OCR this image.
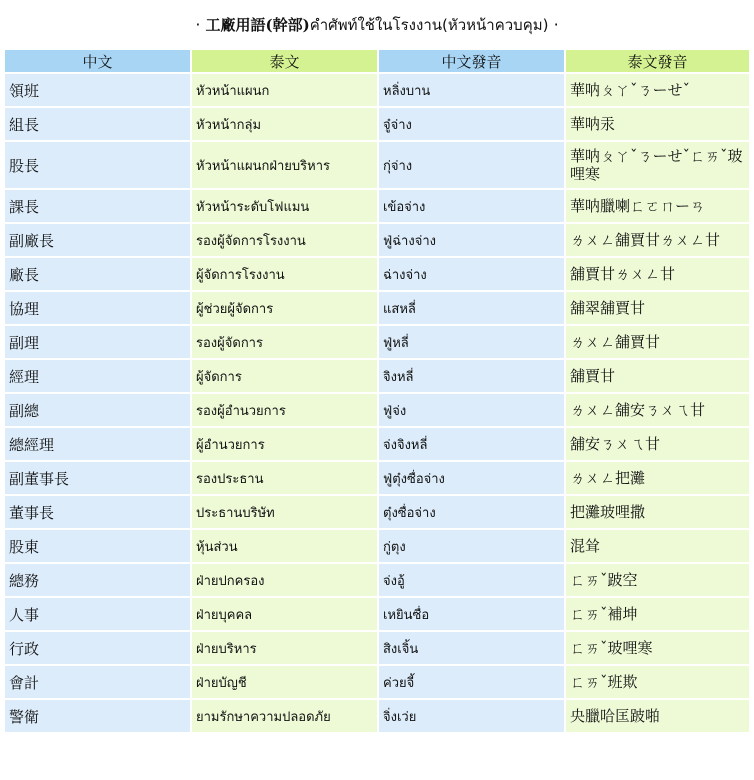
· 工廠用語(幹部)คำศัพท์ใช้ในโรงงาน(หัวหน้าควบคุม) ·
中文	泰文	中文發音	泰文發音
領班	หัวหน้าแผนก	หลิ่งบาน	華呐ㄆㄚˇㄋーせˇ
組長	หัวหน้ากลุ่ม	จู๋จ่าง	華呐汞
股長	หัวหน้าแผนกฝ่ายบริหาร	กุ่จ่าง	華呐ㄆㄚˇㄋーせˇㄈㄞˇ玻哩寒
課長	หัวหน้าระดับโฟแมน	เข้อจ่าง	華呐臘喇ㄈㄛㄇーㄢ
副廠長	รองผู้จัดการโรงงาน	ฟู่ฉ่างจ่าง	ㄌㄨㄥ舖賈甘ㄌㄨㄥ甘
廠長	ผู้จัดการโรงงาน	ฉ่างจ่าง	舖賈甘ㄌㄨㄥ甘
協理	ผู้ช่วยผู้จัดการ	แสหลี่	舖翠舖賈甘
副理	รองผู้จัดการ	ฟู่หลี่	ㄌㄨㄥ舖賈甘
經理	ผู้จัดการ	จิงหลี่	舖賈甘
副總	รองผู้อำนวยการ	ฟู่จ่ง	ㄌㄨㄥ舖安ㄋㄨㄟ甘
總經理	ผู้อำนวยการ	จ่งจิงหลี่	舖安ㄋㄨㄟ甘
副董事長	รองประธาน	ฟู่ตุ๋งซื่อจ่าง	ㄌㄨㄥ把灘
董事長	ประธานบริษัท	ตุ๋งซื่อจ่าง	把灘玻哩撒
股東	หุ้นส่วน	กู่ตุง	混耸
總務	ฝ่ายปกครอง	จ่งอู้	ㄈㄞˇ跛空
人事	ฝ่ายบุคคล	เหยินซื่อ	ㄈㄞˇ補坤
行政	ฝ่ายบริหาร	สิงเจิ้น	ㄈㄞˇ玻哩寒
會計	ฝ่ายบัญชี	ค่วยจี้	ㄈㄞˇ班欺
警衛	ยามรักษาความปลอดภัย	จิ่งเว่ย	央臘哈匡跛啪
